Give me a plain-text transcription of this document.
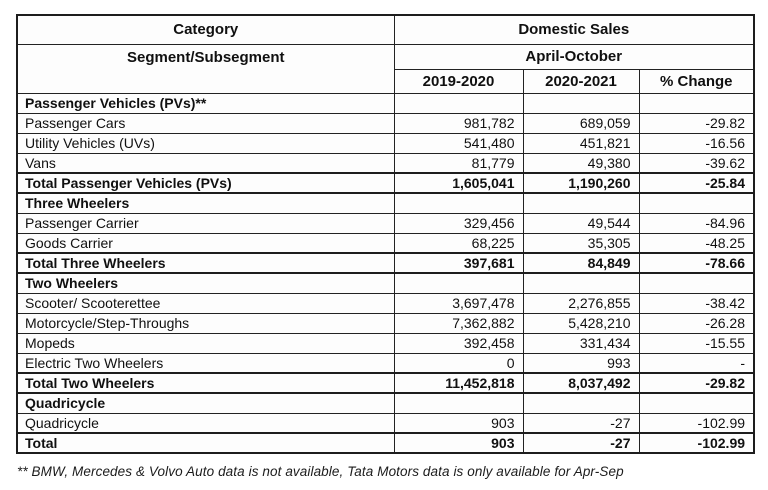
Category	Domestic Sales		
Segment/Subsegment	April-October		
	2019-2020	2020-2021	% Change
Passenger Vehicles (PVs)**			
Passenger Cars	981,782	689,059	-29.82
Utility Vehicles (UVs)	541,480	451,821	-16.56
Vans	81,779	49,380	-39.62
Total Passenger Vehicles (PVs)	1,605,041	1,190,260	-25.84
Three Wheelers			
Passenger Carrier	329,456	49,544	-84.96
Goods Carrier	68,225	35,305	-48.25
Total Three Wheelers	397,681	84,849	-78.66
Two Wheelers			
Scooter/ Scooterettee	3,697,478	2,276,855	-38.42
Motorcycle/Step-Throughs	7,362,882	5,428,210	-26.28
Mopeds	392,458	331,434	-15.55
Electric Two Wheelers	0	993	-
Total Two Wheelers	11,452,818	8,037,492	-29.82
Quadricycle			
Quadricycle	903	-27	-102.99
Total	903	-27	-102.99
** BMW, Mercedes & Volvo Auto data is not available, Tata Motors data is only available for Apr-Sep
